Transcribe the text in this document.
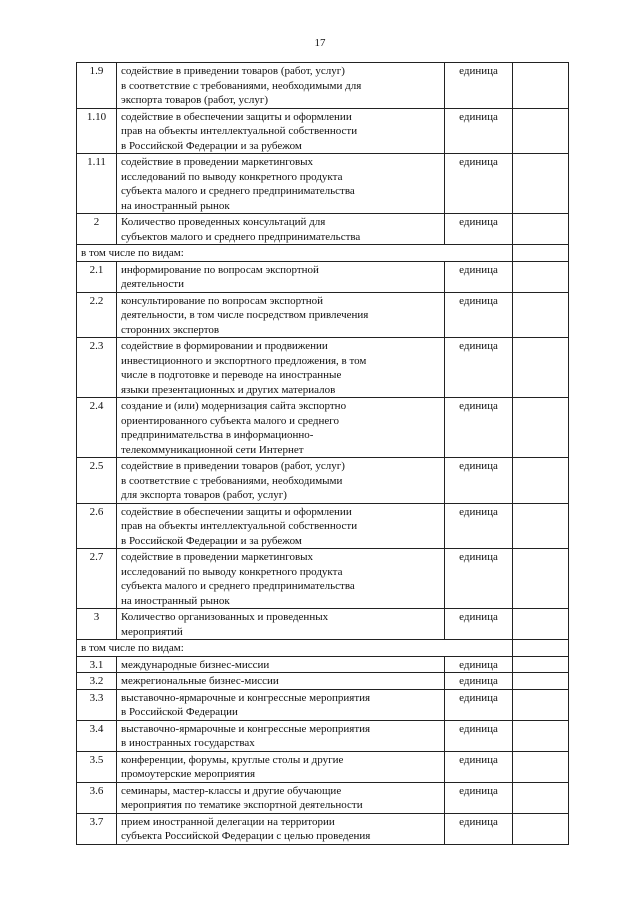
17
1.9	содействие в приведении товаров (работ, услуг)
в соответствие с требованиями, необходимыми для
экспорта товаров (работ, услуг)	единица		
1.10	содействие в обеспечении защиты и оформлении
прав на объекты интеллектуальной собственности
в Российской Федерации и за рубежом	единица		
1.11	содействие в проведении маркетинговых
исследований по выводу конкретного продукта
субъекта малого и среднего предпринимательства
на иностранный рынок	единица		
2	Количество проведенных консультаций для
субъектов малого и среднего предпринимательства	единица		
в том числе по видам:				
2.1	информирование по вопросам экспортной
деятельности	единица		
2.2	консультирование по вопросам экспортной
деятельности, в том числе посредством привлечения
сторонних экспертов	единица		
2.3	содействие в формировании и продвижении
инвестиционного и экспортного предложения, в том
числе в подготовке и переводе на иностранные
языки презентационных и других материалов	единица		
2.4	создание и (или) модернизация сайта экспортно
ориентированного субъекта малого и среднего
предпринимательства в информационно-
телекоммуникационной сети Интернет	единица		
2.5	содействие в приведении товаров (работ, услуг)
в соответствие с требованиями, необходимыми
для экспорта товаров (работ, услуг)	единица		
2.6	содействие в обеспечении защиты и оформлении
прав на объекты интеллектуальной собственности
в Российской Федерации и за рубежом	единица		
2.7	содействие в проведении маркетинговых
исследований по выводу конкретного продукта
субъекта малого и среднего предпринимательства
на иностранный рынок	единица		
3	Количество организованных и проведенных
мероприятий	единица		
в том числе по видам:				
3.1	международные бизнес-миссии	единица		
3.2	межрегиональные бизнес-миссии	единица		
3.3	выставочно-ярмарочные и конгрессные мероприятия
в Российской Федерации	единица		
3.4	выставочно-ярмарочные и конгрессные мероприятия
в иностранных государствах	единица		
3.5	конференции, форумы, круглые столы и другие
промоутерские мероприятия	единица		
3.6	семинары, мастер-классы и другие обучающие
мероприятия по тематике экспортной деятельности	единица		
3.7	прием иностранной делегации на территории
субъекта Российской Федерации с целью проведения	единица		
